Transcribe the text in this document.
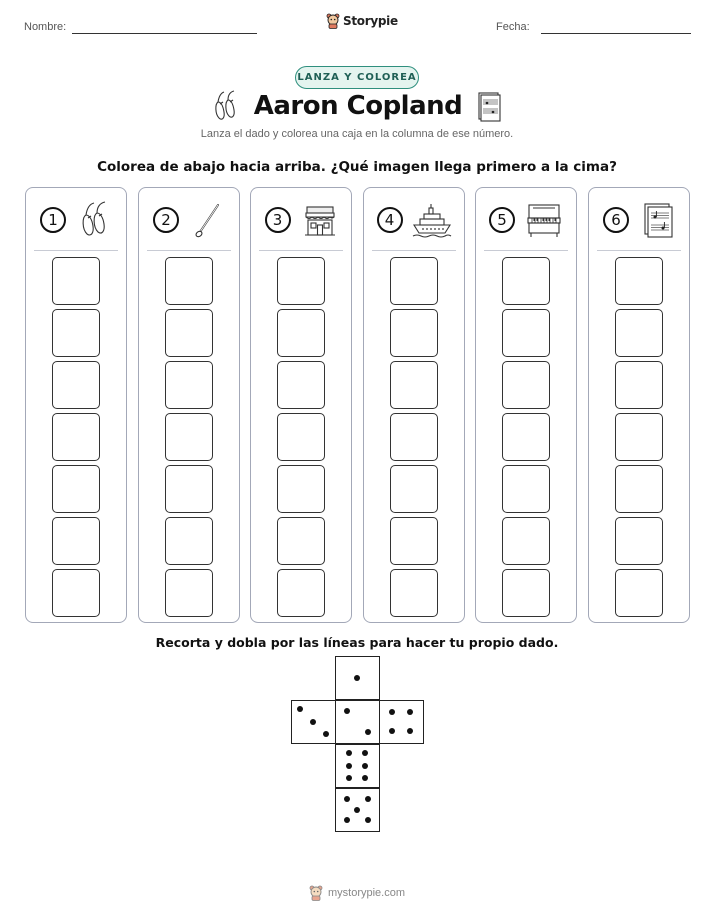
Nombre:	Storypie	Fecha:
LANZA Y COLOREA
Aaron Copland
Lanza el dado y colorea una caja en la columna de ese número.
Colorea de abajo hacia arriba. ¿Qué imagen llega primero a la cima?
1	2	3	4	5	6
Recorta y dobla por las líneas para hacer tu propio dado.
mystorypie.com
